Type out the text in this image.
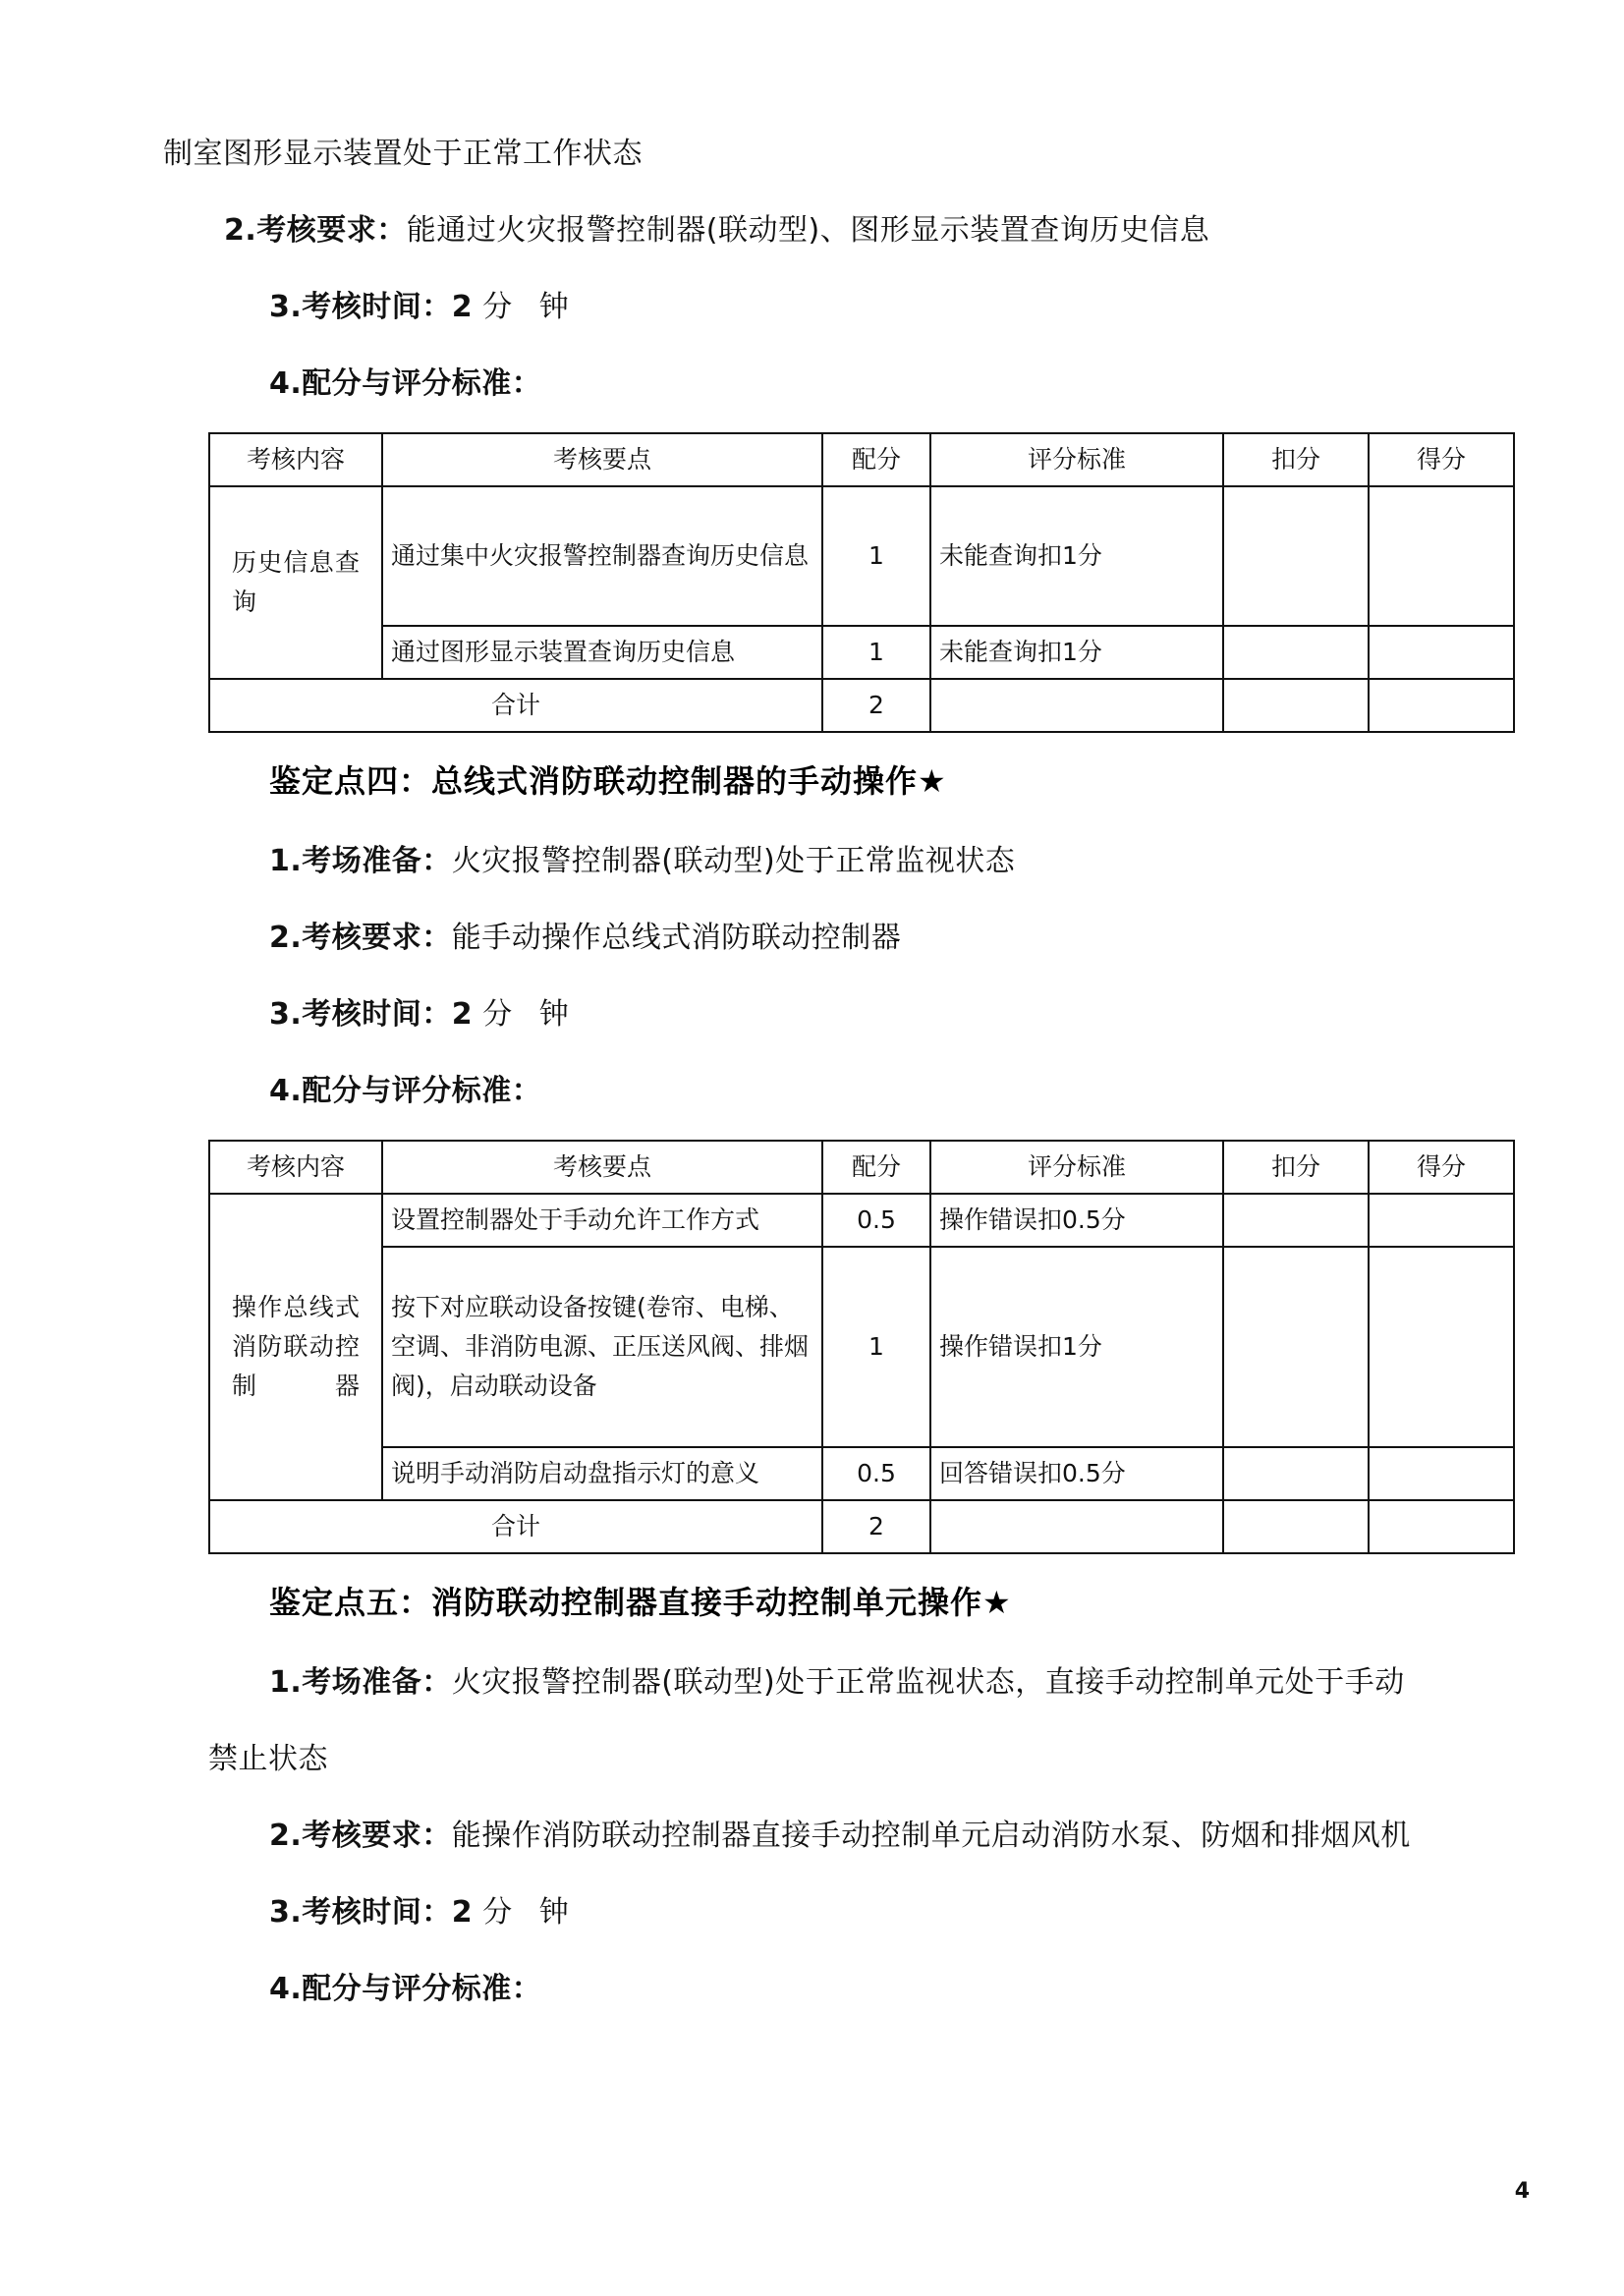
制室图形显示装置处于正常工作状态
2.考核要求：能通过火灾报警控制器(联动型)、图形显示装置查询历史信息
3.考核时间：2 分 钟
4.配分与评分标准：
考核内容	考核要点	配分	评分标准	扣分	得分

历史信息查询	通过集中火灾报警控制器查询历史信息	1	未能查询扣1分		
	通过图形显示装置查询历史信息	1	未能查询扣1分		
合计		2			
鉴定点四：总线式消防联动控制器的手动操作★
1.考场准备：火灾报警控制器(联动型)处于正常监视状态
2.考核要求：能手动操作总线式消防联动控制器
3.考核时间：2 分 钟
4.配分与评分标准：
考核内容	考核要点	配分	评分标准	扣分	得分

操作总线式消防联动控制器	设置控制器处于手动允许工作方式	0.5	操作错误扣0.5分		
	按下对应联动设备按键(卷帘、电梯、空调、非消防电源、正压送风阀、排烟阀)，启动联动设备	1	操作错误扣1分		
	说明手动消防启动盘指示灯的意义	0.5	回答错误扣0.5分		
合计		2			
鉴定点五：消防联动控制器直接手动控制单元操作★
1.考场准备：火灾报警控制器(联动型)处于正常监视状态，直接手动控制单元处于手动禁止状态
2.考核要求：能操作消防联动控制器直接手动控制单元启动消防水泵、防烟和排烟风机
3.考核时间：2 分 钟
4.配分与评分标准：
4
